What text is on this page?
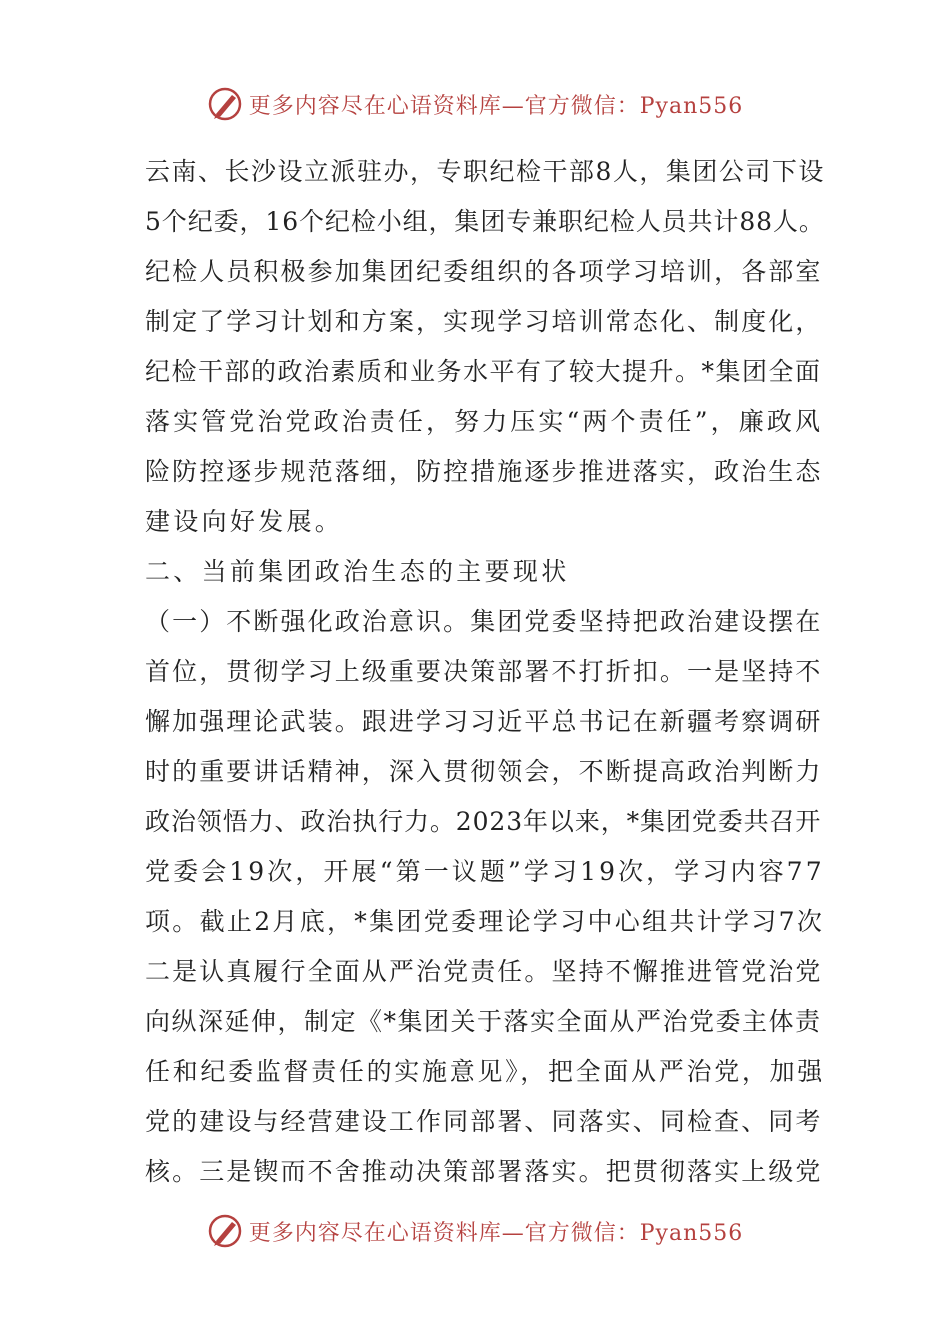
更多内容尽在心语资料库—官方微信：Pyan556
云南、长沙设立派驻办，专职纪检干部8人，集团公司下设
5个纪委，16个纪检小组，集团专兼职纪检人员共计88人。
纪检人员积极参加集团纪委组织的各项学习培训，各部室
制定了学习计划和方案，实现学习培训常态化、制度化，
纪检干部的政治素质和业务水平有了较大提升。*集团全面
落实管党治党政治责任，努力压实“两个责任”，廉政风
险防控逐步规范落细，防控措施逐步推进落实，政治生态
建设向好发展。
二、当前集团政治生态的主要现状
（一）不断强化政治意识。集团党委坚持把政治建设摆在
首位，贯彻学习上级重要决策部署不打折扣。一是坚持不
懈加强理论武装。跟进学习习近平总书记在新疆考察调研
时的重要讲话精神，深入贯彻领会，不断提高政治判断力
政治领悟力、政治执行力。2023年以来，*集团党委共召开
党委会19次，开展“第一议题”学习19次，学习内容77
项。截止2月底，*集团党委理论学习中心组共计学习7次
二是认真履行全面从严治党责任。坚持不懈推进管党治党
向纵深延伸，制定《*集团关于落实全面从严治党委主体责
任和纪委监督责任的实施意见》，把全面从严治党，加强
党的建设与经营建设工作同部署、同落实、同检查、同考
核。三是锲而不舍推动决策部署落实。把贯彻落实上级党
更多内容尽在心语资料库—官方微信：Pyan556
